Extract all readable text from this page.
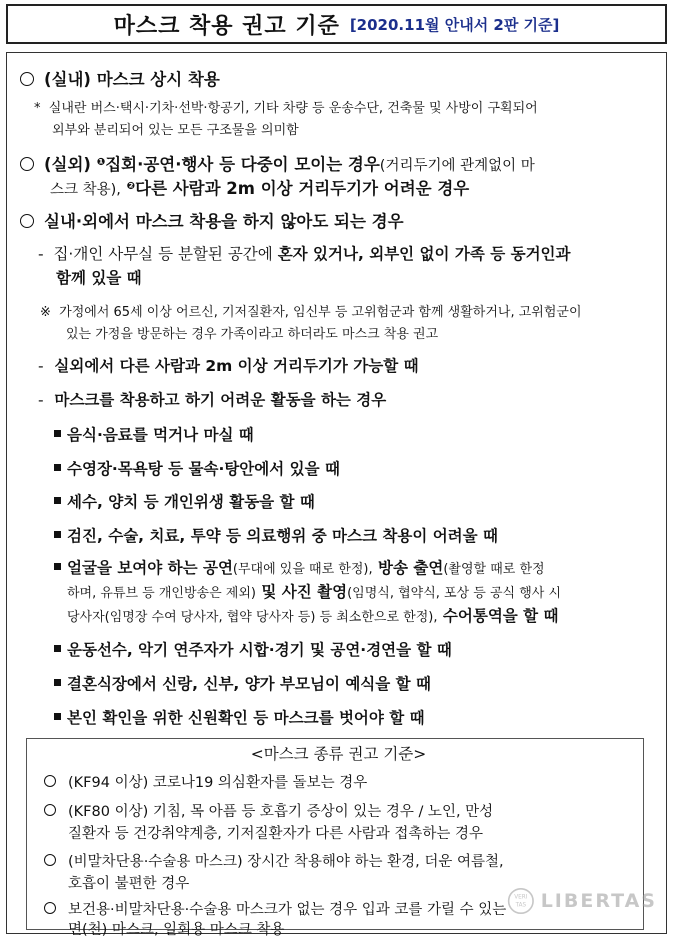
마스크 착용 권고 기준 [2020.11월 안내서 2판 기준]
(실내) 마스크 상시 착용
* 실내란 버스·택시·기차·선박·항공기, 기타 차량 등 운송수단, 건축물 및 사방이 구획되어
외부와 분리되어 있는 모든 구조물을 의미함
(실외) $^❶$집회·공연·행사 등 다중이 모이는 경우(거리두기에 관계없이 마
스크 착용), $^❷$다른 사람과 2m 이상 거리두기가 어려운 경우
실내·외에서 마스크 착용을 하지 않아도 되는 경우
- 집·개인 사무실 등 분할된 공간에 혼자 있거나, 외부인 없이 가족 등 동거인과
함께 있을 때
※ 가정에서 65세 이상 어르신, 기저질환자, 임신부 등 고위험군과 함께 생활하거나, 고위험군이
있는 가정을 방문하는 경우 가족이라고 하더라도 마스크 착용 권고
- 실외에서 다른 사람과 2m 이상 거리두기가 가능할 때
- 마스크를 착용하고 하기 어려운 활동을 하는 경우
음식·음료를 먹거나 마실 때
수영장·목욕탕 등 물속·탕안에서 있을 때
세수, 양치 등 개인위생 활동을 할 때
검진, 수술, 치료, 투약 등 의료행위 중 마스크 착용이 어려울 때
얼굴을 보여야 하는 공연(무대에 있을 때로 한정), 방송 출연(촬영할 때로 한정
하며, 유튜브 등 개인방송은 제외) 및 사진 촬영(임명식, 협약식, 포상 등 공식 행사 시
당사자(임명장 수여 당사자, 협약 당사자 등) 등 최소한으로 한정), 수어통역을 할 때
운동선수, 악기 연주자가 시합·경기 및 공연·경연을 할 때
결혼식장에서 신랑, 신부, 양가 부모님이 예식을 할 때
본인 확인을 위한 신원확인 등 마스크를 벗어야 할 때
<마스크 종류 권고 기준>
(KF94 이상) 코로나19 의심환자를 돌보는 경우
(KF80 이상) 기침, 목 아픔 등 호흡기 증상이 있는 경우 / 노인, 만성
질환자 등 건강취약계층, 기저질환자가 다른 사람과 접촉하는 경우
(비말차단용·수술용 마스크) 장시간 착용해야 하는 환경, 더운 여름철,
호흡이 불편한 경우
보건용·비말차단용·수술용 마스크가 없는 경우 입과 코를 가릴 수 있는
면(천) 마스크, 일회용 마스크 착용
VERI
TAS LIBERTAS
